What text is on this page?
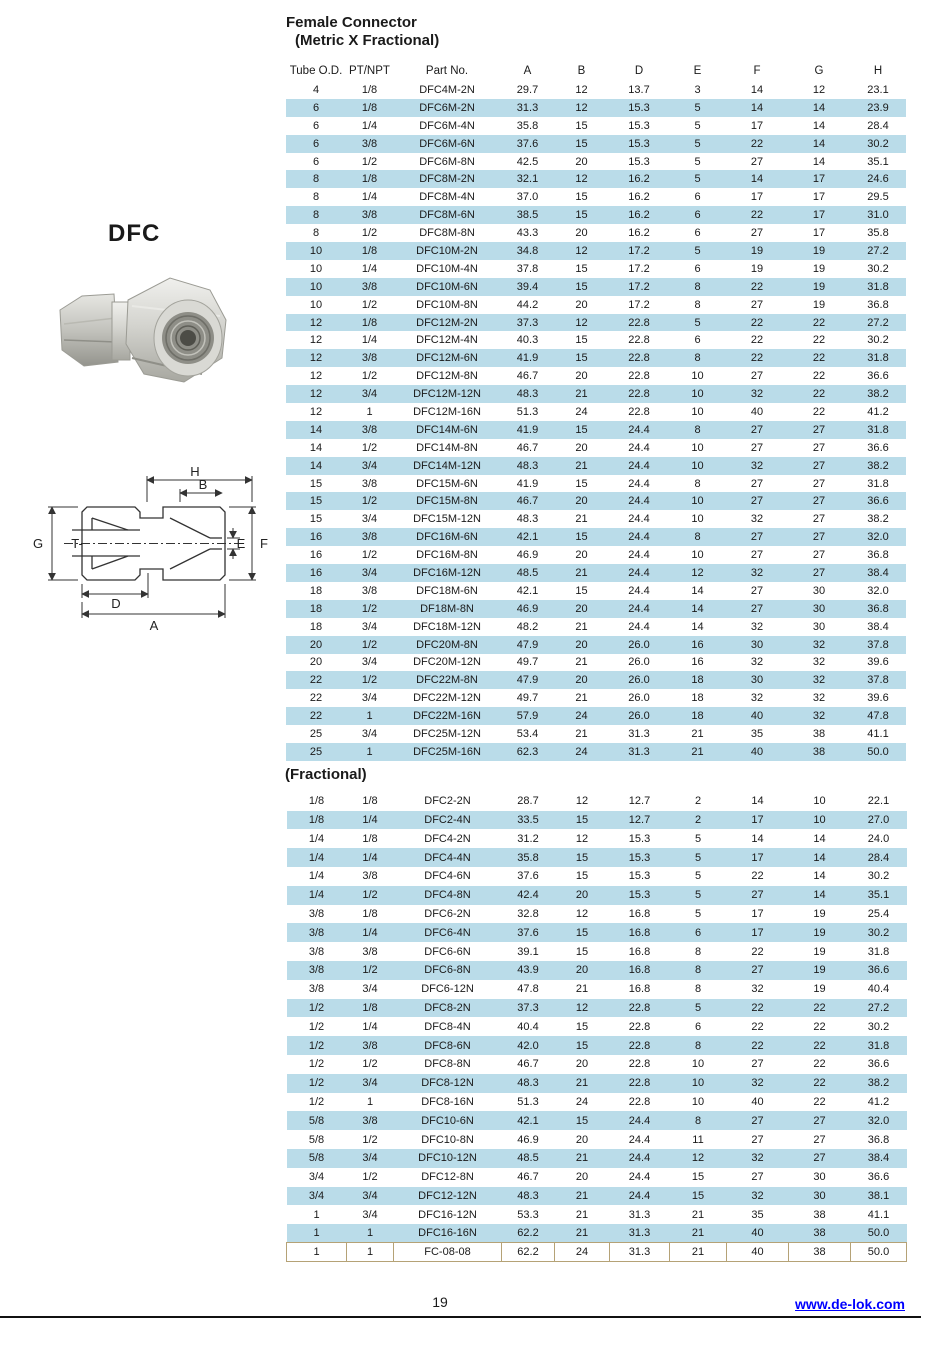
DFC
H
B
G T-	E F
D
A
Female Connector
(Metric X Fractional)
Tube O.D.	PT/NPT	Part No.	A	B	D	E	F	G	H
4	1/8	DFC4M-2N	29.7	12	13.7	3	14	12	23.1
6	1/8	DFC6M-2N	31.3	12	15.3	5	14	14	23.9
6	1/4	DFC6M-4N	35.8	15	15.3	5	17	14	28.4
6	3/8	DFC6M-6N	37.6	15	15.3	5	22	14	30.2
6	1/2	DFC6M-8N	42.5	20	15.3	5	27	14	35.1
8	1/8	DFC8M-2N	32.1	12	16.2	5	14	17	24.6
8	1/4	DFC8M-4N	37.0	15	16.2	6	17	17	29.5
8	3/8	DFC8M-6N	38.5	15	16.2	6	22	17	31.0
8	1/2	DFC8M-8N	43.3	20	16.2	6	27	17	35.8
10	1/8	DFC10M-2N	34.8	12	17.2	5	19	19	27.2
10	1/4	DFC10M-4N	37.8	15	17.2	6	19	19	30.2
10	3/8	DFC10M-6N	39.4	15	17.2	8	22	19	31.8
10	1/2	DFC10M-8N	44.2	20	17.2	8	27	19	36.8
12	1/8	DFC12M-2N	37.3	12	22.8	5	22	22	27.2
12	1/4	DFC12M-4N	40.3	15	22.8	6	22	22	30.2
12	3/8	DFC12M-6N	41.9	15	22.8	8	22	22	31.8
12	1/2	DFC12M-8N	46.7	20	22.8	10	27	22	36.6
12	3/4	DFC12M-12N	48.3	21	22.8	10	32	22	38.2
12	1	DFC12M-16N	51.3	24	22.8	10	40	22	41.2
14	3/8	DFC14M-6N	41.9	15	24.4	8	27	27	31.8
14	1/2	DFC14M-8N	46.7	20	24.4	10	27	27	36.6
14	3/4	DFC14M-12N	48.3	21	24.4	10	32	27	38.2
15	3/8	DFC15M-6N	41.9	15	24.4	8	27	27	31.8
15	1/2	DFC15M-8N	46.7	20	24.4	10	27	27	36.6
15	3/4	DFC15M-12N	48.3	21	24.4	10	32	27	38.2
16	3/8	DFC16M-6N	42.1	15	24.4	8	27	27	32.0
16	1/2	DFC16M-8N	46.9	20	24.4	10	27	27	36.8
16	3/4	DFC16M-12N	48.5	21	24.4	12	32	27	38.4
18	3/8	DFC18M-6N	42.1	15	24.4	14	27	30	32.0
18	1/2	DF18M-8N	46.9	20	24.4	14	27	30	36.8
18	3/4	DFC18M-12N	48.2	21	24.4	14	32	30	38.4
20	1/2	DFC20M-8N	47.9	20	26.0	16	30	32	37.8
20	3/4	DFC20M-12N	49.7	21	26.0	16	32	32	39.6
22	1/2	DFC22M-8N	47.9	20	26.0	18	30	32	37.8
22	3/4	DFC22M-12N	49.7	21	26.0	18	32	32	39.6
22	1	DFC22M-16N	57.9	24	26.0	18	40	32	47.8
25	3/4	DFC25M-12N	53.4	21	31.3	21	35	38	41.1
25	1	DFC25M-16N	62.3	24	31.3	21	40	38	50.0
(Fractional)
1/8	1/8	DFC2-2N	28.7	12	12.7	2	14	10	22.1
1/8	1/4	DFC2-4N	33.5	15	12.7	2	17	10	27.0
1/4	1/8	DFC4-2N	31.2	12	15.3	5	14	14	24.0
1/4	1/4	DFC4-4N	35.8	15	15.3	5	17	14	28.4
1/4	3/8	DFC4-6N	37.6	15	15.3	5	22	14	30.2
1/4	1/2	DFC4-8N	42.4	20	15.3	5	27	14	35.1
3/8	1/8	DFC6-2N	32.8	12	16.8	5	17	19	25.4
3/8	1/4	DFC6-4N	37.6	15	16.8	6	17	19	30.2
3/8	3/8	DFC6-6N	39.1	15	16.8	8	22	19	31.8
3/8	1/2	DFC6-8N	43.9	20	16.8	8	27	19	36.6
3/8	3/4	DFC6-12N	47.8	21	16.8	8	32	19	40.4
1/2	1/8	DFC8-2N	37.3	12	22.8	5	22	22	27.2
1/2	1/4	DFC8-4N	40.4	15	22.8	6	22	22	30.2
1/2	3/8	DFC8-6N	42.0	15	22.8	8	22	22	31.8
1/2	1/2	DFC8-8N	46.7	20	22.8	10	27	22	36.6
1/2	3/4	DFC8-12N	48.3	21	22.8	10	32	22	38.2
1/2	1	DFC8-16N	51.3	24	22.8	10	40	22	41.2
5/8	3/8	DFC10-6N	42.1	15	24.4	8	27	27	32.0
5/8	1/2	DFC10-8N	46.9	20	24.4	11	27	27	36.8
5/8	3/4	DFC10-12N	48.5	21	24.4	12	32	27	38.4
3/4	1/2	DFC12-8N	46.7	20	24.4	15	27	30	36.6
3/4	3/4	DFC12-12N	48.3	21	24.4	15	32	30	38.1
1	3/4	DFC16-12N	53.3	21	31.3	21	35	38	41.1
1	1	DFC16-16N	62.2	21	31.3	21	40	38	50.0
1	1	FC-08-08	62.2	24	31.3	21	40	38	50.0
19	www.de-lok.com
